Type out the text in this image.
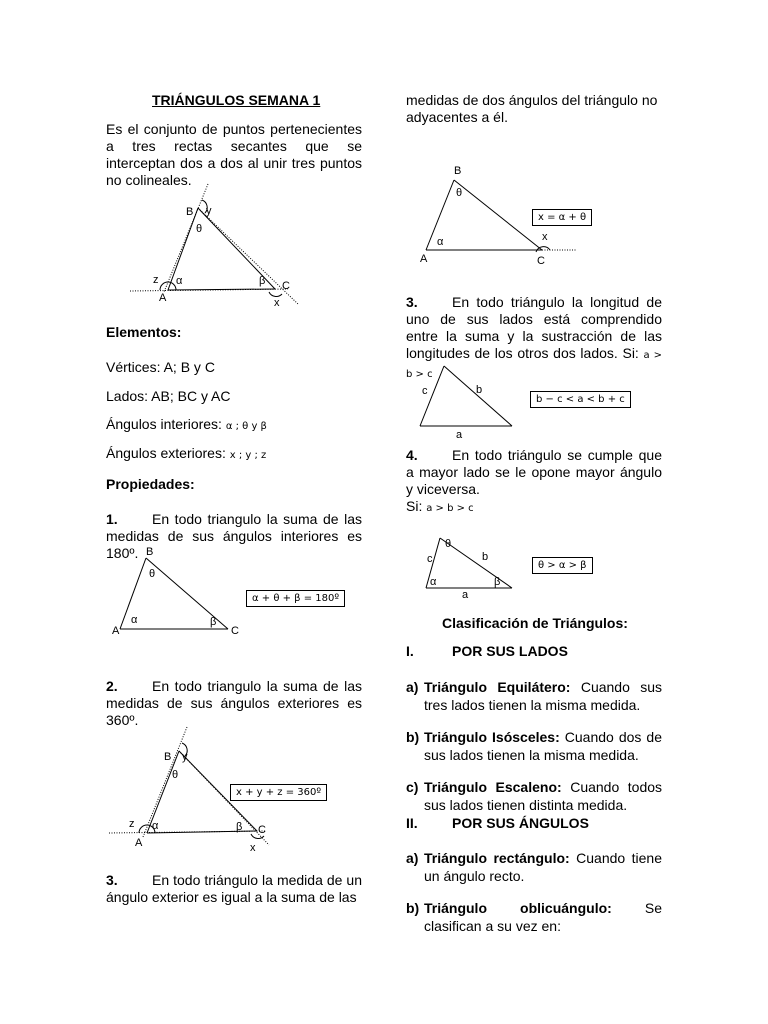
TRIÁNGULOS SEMANA 1
Es el conjunto de puntos pertenecientes a tres rectas secantes que se interceptan dos a dos al unir tres puntos no colineales.
B y
θ
z α
A
β C
x
Elementos:
Vértices: A; B y C
Lados: AB; BC y AC
Ángulos interiores: α ; θ y β
Ángulos exteriores: x ; y ; z
Propiedades:
1. En todo triangulo la suma de las medidas de sus ángulos interiores es 180º. B
θ
α	β
A	C
α + θ + β = 180º
2. En todo triangulo la suma de las medidas de sus ángulos exteriores es 360º.
B y
θ
z α
A
β C
x
x + y + z = 360º
3. En todo triángulo la medida de un ángulo exterior es igual a la suma de las
medidas de dos ángulos del triángulo no adyacentes a él.
B
θ
α
A	C
x
x = α + θ
3. En todo triángulo la longitud de uno de sus lados está comprendido entre la suma y la sustracción de las longitudes de los otros dos lados. Si: a > b > c
c	b
a
b − c < a < b + c
4. En todo triángulo se cumple que a mayor lado se le opone mayor ángulo y viceversa.
Si: a > b > c
θ
c	b
α	β
a
θ > α > β
Clasificación de Triángulos:
I.	POR SUS LADOS
a) Triángulo Equilátero: Cuando sus tres lados tienen la misma medida.
b) Triángulo Isósceles: Cuando dos de sus lados tienen la misma medida.
c) Triángulo Escaleno: Cuando todos sus lados tienen distinta medida.
II. POR SUS ÁNGULOS
a) Triángulo rectángulo: Cuando tiene un ángulo recto.
b) Triángulo oblicuángulo: Se clasifican a su vez en:
